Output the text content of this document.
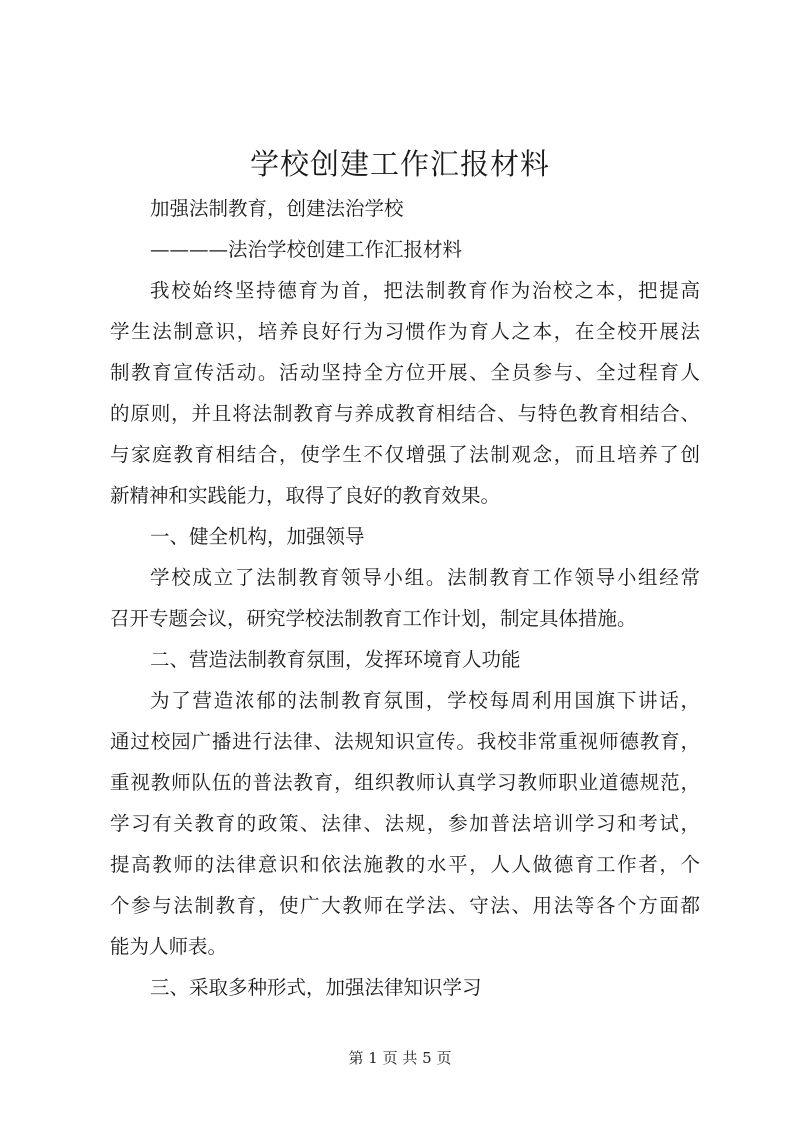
学校创建工作汇报材料

加强法制教育，创建法治学校

————法治学校创建工作汇报材料

我校始终坚持德育为首，把法制教育作为治校之本，把提高

学生法制意识，培养良好行为习惯作为育人之本，在全校开展法

制教育宣传活动。活动坚持全方位开展、全员参与、全过程育人

的原则，并且将法制教育与养成教育相结合、与特色教育相结合、

与家庭教育相结合，使学生不仅增强了法制观念，而且培养了创

新精神和实践能力，取得了良好的教育效果。

一、健全机构，加强领导

学校成立了法制教育领导小组。法制教育工作领导小组经常

召开专题会议，研究学校法制教育工作计划，制定具体措施。

二、营造法制教育氛围，发挥环境育人功能

为了营造浓郁的法制教育氛围，学校每周利用国旗下讲话，

通过校园广播进行法律、法规知识宣传。我校非常重视师德教育，

重视教师队伍的普法教育，组织教师认真学习教师职业道德规范，

学习有关教育的政策、法律、法规，参加普法培训学习和考试，

提高教师的法律意识和依法施教的水平，人人做德育工作者，个

个参与法制教育，使广大教师在学法、守法、用法等各个方面都

能为人师表。

三、采取多种形式，加强法律知识学习

第 1 页 共 5 页
